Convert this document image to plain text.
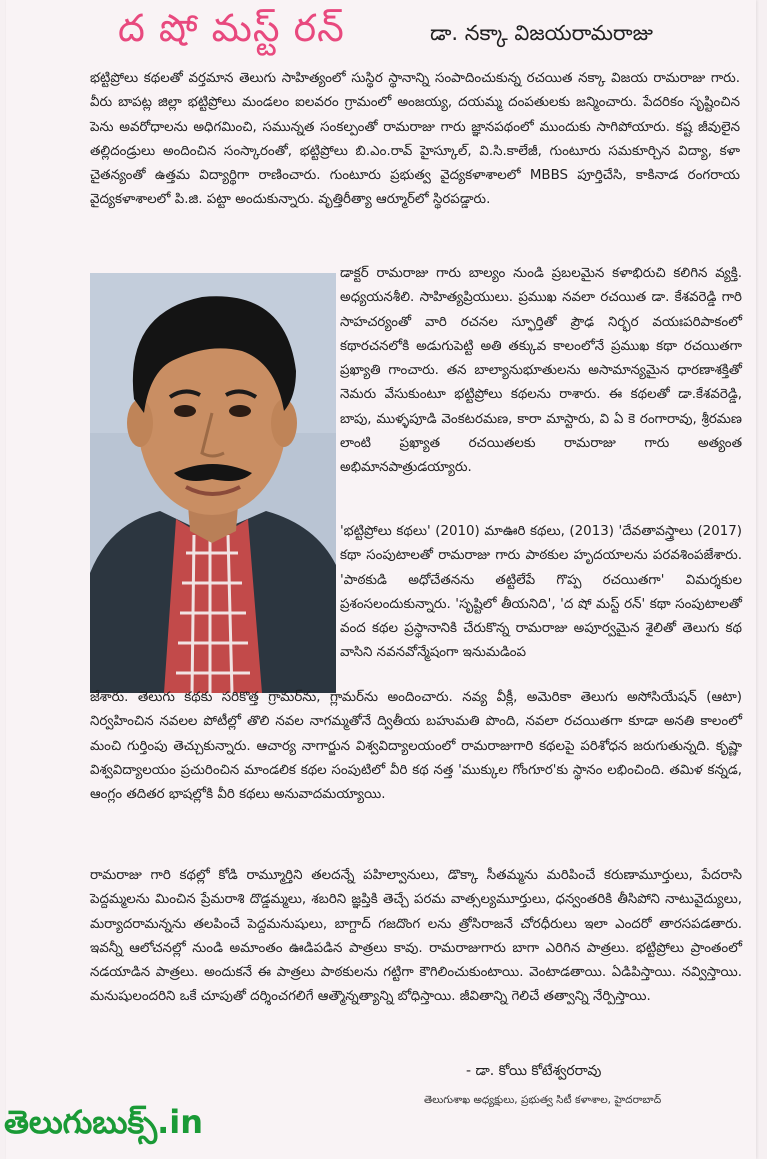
ద షో మస్ట్ రన్	డా. నక్కా విజయరామరాజు

భట్టిప్రోలు కథలతో వర్తమాన తెలుగు సాహిత్యంలో సుస్థిర స్థానాన్ని సంపాదించుకున్న రచయిత నక్కా విజయ రామరాజు గారు. వీరు బాపట్ల జిల్లా భట్టిప్రోలు మండలం ఐలవరం గ్రామంలో అంజయ్య, దయమ్మ దంపతులకు జన్మించారు. పేదరికం సృష్టించిన పెను అవరోధాలను అధిగమించి, సమున్నత సంకల్పంతో రామరాజు గారు జ్ఞానపథంలో ముందుకు సాగిపోయారు. కష్ట జీవులైన తల్లిదండ్రులు అందించిన సంస్కారంతో, భట్టిప్రోలు బి.ఎం.రావ్ హైస్కూల్, వి.సి.కాలేజీ, గుంటూరు సమకూర్చిన విద్యా, కళా చైతన్యంతో ఉత్తమ విద్యార్థిగా రాణించారు. గుంటూరు ప్రభుత్వ వైద్యకళాశాలలో MBBS పూర్తిచేసి, కాకినాడ రంగరాయ వైద్యకళాశాలలో పి.జి. పట్టా అందుకున్నారు. వృత్తిరీత్యా ఆర్మూర్‌లో స్థిరపడ్డారు.

డాక్టర్ రామరాజు గారు బాల్యం నుండి ప్రబలమైన కళాభిరుచి కలిగిన వ్యక్తి. అధ్యయనశీలి. సాహిత్యప్రియులు. ప్రముఖ నవలా రచయిత డా. కేశవరెడ్డి గారి సాహచర్యంతో వారి రచనల స్ఫూర్తితో ప్రౌఢ నిర్భర వయఃపరిపాకంలో కథారచనలోకి అడుగుపెట్టి అతి తక్కువ కాలంలోనే ప్రముఖ కథా రచయితగా ప్రఖ్యాతి గాంచారు. తన బాల్యానుభూతులను అసామాన్యమైన ధారణాశక్తితో నెమరు వేసుకుంటూ భట్టిప్రోలు కథలను రాశారు. ఈ కథలతో డా.కేశవరెడ్డి, బాపు, ముళ్ళపూడి వెంకటరమణ, కారా మాస్టారు, వి ఏ కె రంగారావు, శ్రీరమణ లాంటి ప్రఖ్యాత రచయితలకు రామరాజు గారు అత్యంత అభిమానపాత్రుడయ్యారు.

'భట్టిప్రోలు కథలు' (2010) మాఊరి కథలు, (2013) 'దేవతావస్త్రాలు (2017) కథా సంపుటాలతో రామరాజు గారు పాఠకుల హృదయాలను పరవశింపజేశారు. 'పాఠకుడి అధోచేతనను తట్టిలేపే గొప్ప రచయితగా' విమర్శకుల ప్రశంసలందుకున్నారు. 'సృష్టిలో తీయనిది', 'ద షో మస్ట్ రన్' కథా సంపుటాలతో వంద కథల ప్రస్థానానికి చేరుకొన్న రామరాజు అపూర్వమైన శైలితో తెలుగు కథ వాసిని నవనవోన్మేషంగా ఇనుమడింప

జేశారు. తెలుగు కథకు సరికొత్త గ్రామర్‌ను, గ్లామర్‌ను అందించారు. నవ్య వీక్లీ, అమెరికా తెలుగు అసోసియేషన్ (ఆటా) నిర్వహించిన నవలల పోటీల్లో తొలి నవల నాగమ్మతోనే ద్వితీయ బహుమతి పొంది, నవలా రచయితగా కూడా అనతి కాలంలో మంచి గుర్తింపు తెచ్చుకున్నారు. ఆచార్య నాగార్జున విశ్వవిద్యాలయంలో రామరాజుగారి కథలపై పరిశోధన జరుగుతున్నది. కృష్ణా విశ్వవిద్యాలయం ప్రచురించిన మాండలిక కథల సంపుటిలో వీరి కథ నత్త 'ముక్కుల గోంగూర'కు స్థానం లభించింది. తమిళ కన్నడ, ఆంగ్లం తదితర భాషల్లోకి వీరి కథలు అనువాదమయ్యాయి.

రామరాజు గారి కథల్లో కోడి రామ్మూర్తిని తలదన్నే పహిల్వానులు, డొక్కా సీతమ్మను మరిపించే కరుణామూర్తులు, పేదరాసి పెద్దమ్మలను మించిన ప్రేమరాశి దొడ్డమ్మలు, శబరిని జ్ఞప్తికి తెచ్చే పరమ వాత్సల్యమూర్తులు, ధన్వంతరికి తీసిపోని నాటువైద్యులు, మర్యాదరామన్నను తలపించే పెద్దమనుషులు, బాగ్దాద్ గజదొంగ లను త్రోసిరాజనే చోరధీరులు ఇలా ఎందరో తారసపడతారు. ఇవన్నీ ఆలోచనల్లో నుండి అమాంతం ఊడిపడిన పాత్రలు కావు. రామరాజుగారు బాగా ఎరిగిన పాత్రలు. భట్టిప్రోలు ప్రాంతంలో నడయాడిన పాత్రలు. అందుకనే ఈ పాత్రలు పాఠకులను గట్టిగా కౌగిలించుకుంటాయి. వెంటాడతాయి. ఏడిపిస్తాయి. నవ్విస్తాయి. మనుషులందరిని ఒకే చూపుతో దర్శించగలిగే ఆత్మౌన్నత్యాన్ని బోధిస్తాయి. జీవితాన్ని గెలిచే తత్వాన్ని నేర్పిస్తాయి.

- డా. కోయి కోటేశ్వరరావు
తెలుగుశాఖ అధ్యక్షులు, ప్రభుత్వ సిటీ కళాశాల, హైదరాబాద్
తెలుగుబుక్స్.in
